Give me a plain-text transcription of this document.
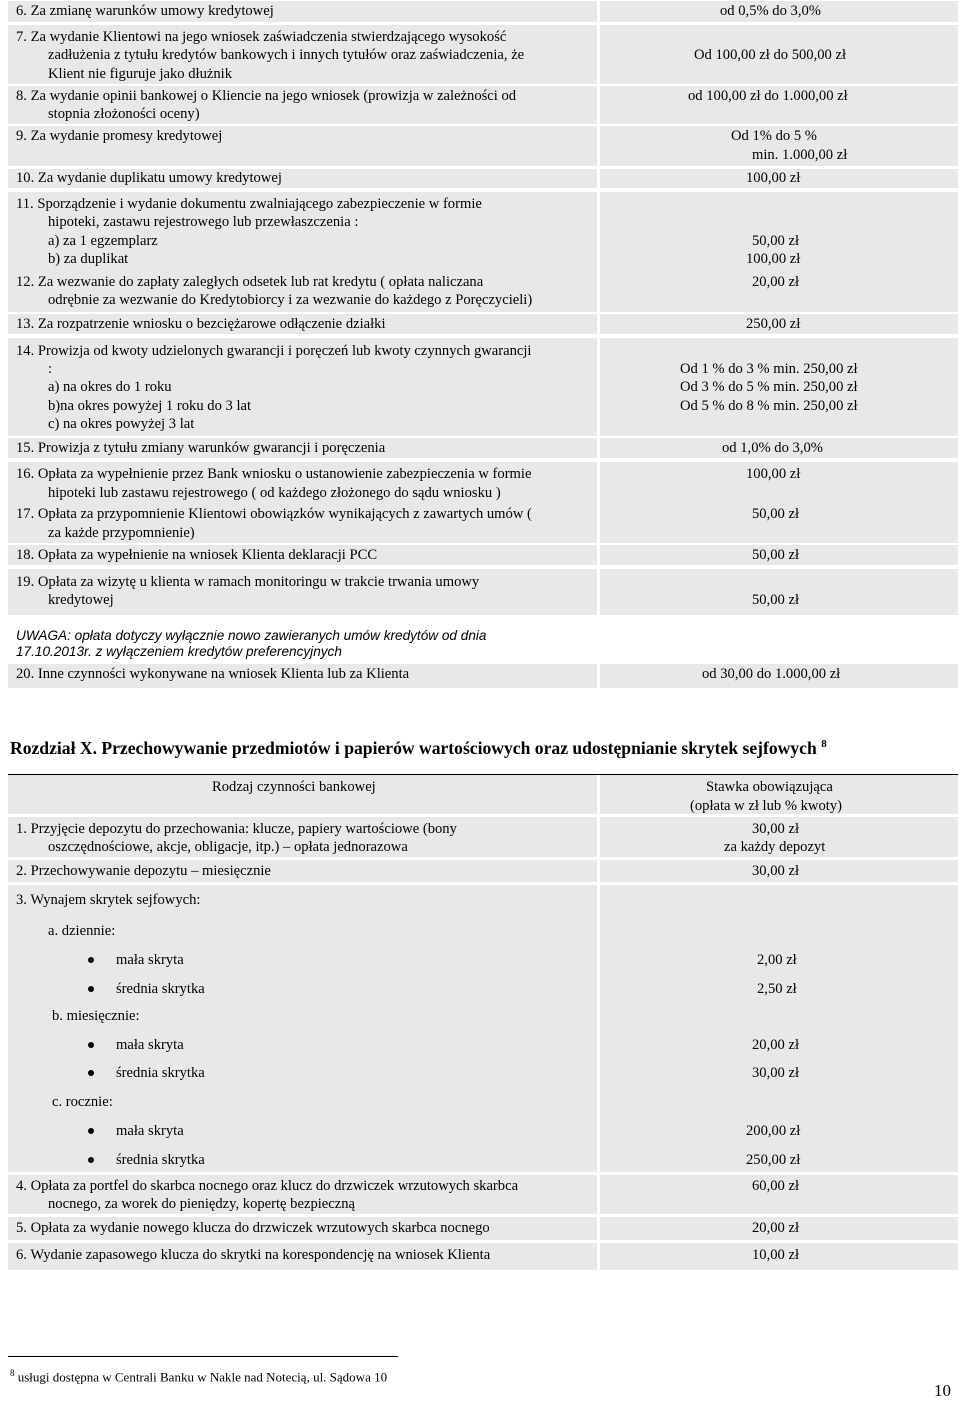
6. Za zmianę warunków umowy kredytowej	od 0,5% do 3,0%
7. Za wydanie Klientowi na jego wniosek zaświadczenia stwierdzającego wysokość
zadłużenia z tytułu kredytów bankowych i innych tytułów oraz zaświadczenia, że
Klient nie figuruje jako dłużnik
Od 100,00 zł do 500,00 zł
8. Za wydanie opinii bankowej o Kliencie na jego wniosek (prowizja w zależności od
stopnia złożoności oceny)
od 100,00 zł do 1.000,00 zł
9. Za wydanie promesy kredytowej	Od 1% do 5 %
min. 1.000,00 zł
10. Za wydanie duplikatu umowy kredytowej	100,00 zł
11. Sporządzenie i wydanie dokumentu zwalniającego zabezpieczenie w formie
hipoteki, zastawu rejestrowego lub przewłaszczenia :
a) za 1 egzemplarz
b) za duplikat
50,00 zł
100,00 zł
12. Za wezwanie do zapłaty zaległych odsetek lub rat kredytu ( opłata naliczana
odrębnie za wezwanie do Kredytobiorcy i za wezwanie do każdego z Poręczycieli)
20,00 zł
13. Za rozpatrzenie wniosku o bezciężarowe odłączenie działki	250,00 zł
14. Prowizja od kwoty udzielonych gwarancji i poręczeń lub kwoty czynnych gwarancji
:
a) na okres do 1 roku
b)na okres powyżej 1 roku do 3 lat
c) na okres powyżej 3 lat
Od 1 % do 3 % min. 250,00 zł
Od 3 % do 5 % min. 250,00 zł
Od 5 % do 8 % min. 250,00 zł
15. Prowizja z tytułu zmiany warunków gwarancji i poręczenia	od 1,0% do 3,0%
16. Opłata za wypełnienie przez Bank wniosku o ustanowienie zabezpieczenia w formie
hipoteki lub zastawu rejestrowego ( od każdego złożonego do sądu wniosku )
100,00 zł
17. Opłata za przypomnienie Klientowi obowiązków wynikających z zawartych umów (
za każde przypomnienie)
50,00 zł
18. Opłata za wypełnienie na wniosek Klienta deklaracji PCC	50,00 zł
19. Opłata za wizytę u klienta w ramach monitoringu w trakcie trwania umowy
kredytowej	50,00 zł
UWAGA: opłata dotyczy wyłącznie nowo zawieranych umów kredytów od dnia
17.10.2013r. z wyłączeniem kredytów preferencyjnych
20. Inne czynności wykonywane na wniosek Klienta lub za Klienta	od 30,00 do 1.000,00 zł
Rozdział X. Przechowywanie przedmiotów i papierów wartościowych oraz udostępnianie skrytek sejfowych $^8$
Rodzaj czynności bankowej	Stawka obowiązująca
(opłata w zł lub % kwoty)
1. Przyjęcie depozytu do przechowania: klucze, papiery wartościowe (bony
oszczędnościowe, akcje, obligacje, itp.) – opłata jednorazowa
30,00 zł
za każdy depozyt
2. Przechowywanie depozytu – miesięcznie	30,00 zł
3. Wynajem skrytek sejfowych:
a. dziennie:
mała skryta	2,00 zł
średnia skrytka	2,50 zł
b. miesięcznie:
mała skryta	20,00 zł
średnia skrytka	30,00 zł
c. rocznie:
mała skryta	200,00 zł
średnia skrytka	250,00 zł
4. Opłata za portfel do skarbca nocnego oraz klucz do drzwiczek wrzutowych skarbca
nocnego, za worek do pieniędzy, kopertę bezpieczną
60,00 zł
5. Opłata za wydanie nowego klucza do drzwiczek wrzutowych skarbca nocnego	20,00 zł
6. Wydanie zapasowego klucza do skrytki na korespondencję na wniosek Klienta	10,00 zł
$^8$ usługi dostępna w Centrali Banku w Nakle nad Notecią, ul. Sądowa 10
10
